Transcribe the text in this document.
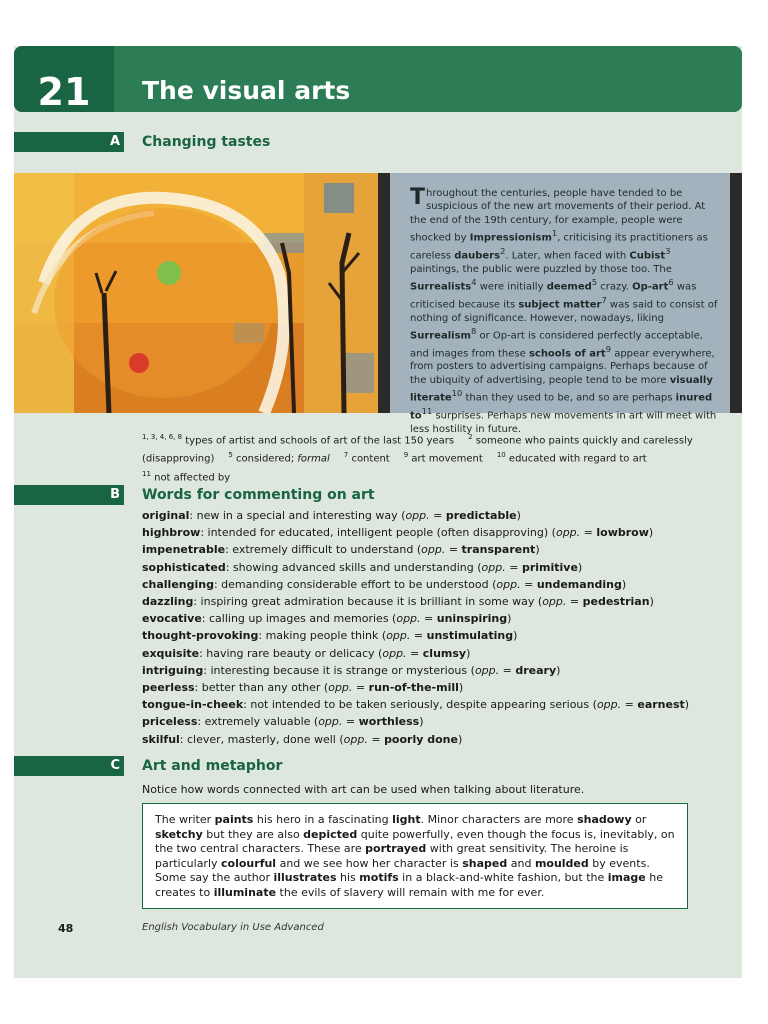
21	The visual arts
A Changing tastes
Throughout the centuries, people have tended to be suspicious of the new art movements of their period. At the end of the 19th century, for example, people were shocked by Impressionism$^1$, criticising its practitioners as careless daubers$^2$. Later, when faced with Cubist$^3$ paintings, the public were puzzled by those too. The Surrealists$^4$ were initially deemed$^5$ crazy. Op-art$^6$ was criticised because its subject matter$^7$ was said to consist of nothing of significance. However, nowadays, liking Surrealism$^8$ or Op-art is considered perfectly acceptable, and images from these schools of art$^9$ appear everywhere, from posters to advertising campaigns. Perhaps because of the ubiquity of advertising, people tend to be more visually literate$^{10}$ than they used to be, and so are perhaps inured $to^{11}$ surprises. Perhaps new movements in art will meet with less hostility in future.
$^{1, 3, 4, 6, 8}$ types of artist and schools of art of the last 150 years $^2$ someone who paints quickly and carelessly (disapproving) $^5$ considered; formal $^7$ content $^9$ art movement $^{10}$ educated with regard to art
$^{11}$ not affected by
B Words for commenting on art
original: new in a special and interesting way (opp. = predictable)
highbrow: intended for educated, intelligent people (often disapproving) (opp. = lowbrow)
impenetrable: extremely difficult to understand (opp. = transparent)
sophisticated: showing advanced skills and understanding (opp. = primitive)
challenging: demanding considerable effort to be understood (opp. = undemanding)
dazzling: inspiring great admiration because it is brilliant in some way (opp. = pedestrian)
evocative: calling up images and memories (opp. = uninspiring)
thought-provoking: making people think (opp. = unstimulating)
exquisite: having rare beauty or delicacy (opp. = clumsy)
intriguing: interesting because it is strange or mysterious (opp. = dreary)
peerless: better than any other (opp. = run-of-the-mill)
tongue-in-cheek: not intended to be taken seriously, despite appearing serious (opp. = earnest)
priceless: extremely valuable (opp. = worthless)
skilful: clever, masterly, done well (opp. = poorly done)
C Art and metaphor
Notice how words connected with art can be used when talking about literature.
The writer paints his hero in a fascinating light. Minor characters are more shadowy or sketchy but they are also depicted quite powerfully, even though the focus is, inevitably, on the two central characters. These are portrayed with great sensitivity. The heroine is particularly colourful and we see how her character is shaped and moulded by events. Some say the author illustrates his motifs in a black-and-white fashion, but the image he creates to illuminate the evils of slavery will remain with me for ever.
48	English Vocabulary in Use Advanced
